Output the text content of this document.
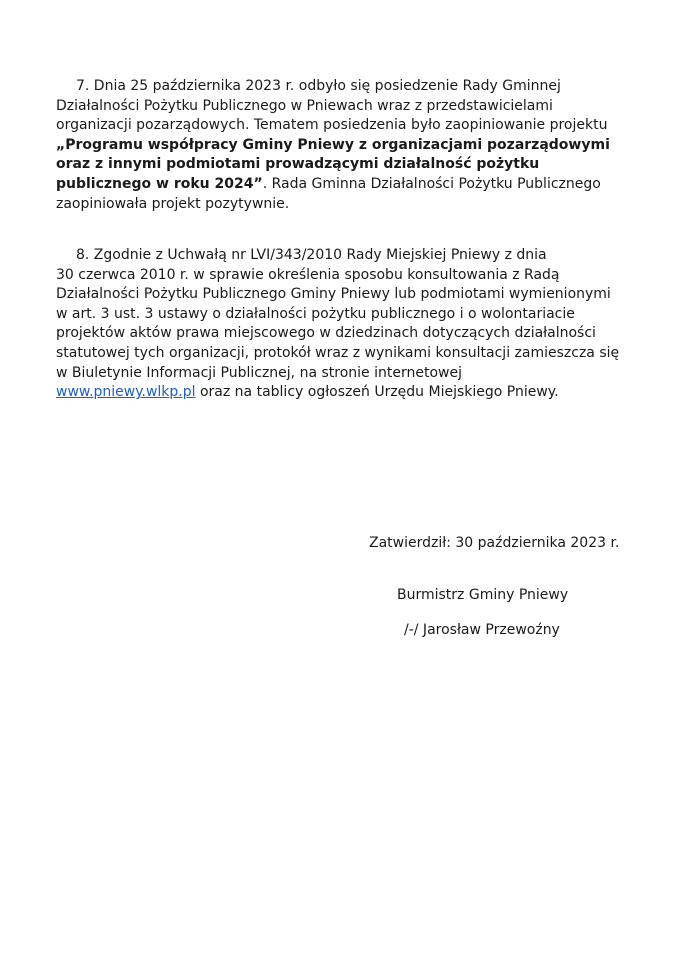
7. Dnia 25 października 2023 r. odbyło się posiedzenie Rady Gminnej
Działalności Pożytku Publicznego w Pniewach wraz z przedstawicielami
organizacji pozarządowych. Tematem posiedzenia było zaopiniowanie projektu
„Programu współpracy Gminy Pniewy z organizacjami pozarządowymi
oraz z innymi podmiotami prowadzącymi działalność pożytku
publicznego w roku 2024”. Rada Gminna Działalności Pożytku Publicznego
zaopiniowała projekt pozytywnie.
8. Zgodnie z Uchwałą nr LVI/343/2010 Rady Miejskiej Pniewy z dnia
30 czerwca 2010 r. w sprawie określenia sposobu konsultowania z Radą
Działalności Pożytku Publicznego Gminy Pniewy lub podmiotami wymienionymi
w art. 3 ust. 3 ustawy o działalności pożytku publicznego i o wolontariacie
projektów aktów prawa miejscowego w dziedzinach dotyczących działalności
statutowej tych organizacji, protokół wraz z wynikami konsultacji zamieszcza się
w Biuletynie Informacji Publicznej, na stronie internetowej
www.pniewy.wlkp.pl oraz na tablicy ogłoszeń Urzędu Miejskiego Pniewy.
Zatwierdził: 30 października 2023 r.
Burmistrz Gminy Pniewy
/-/ Jarosław Przewoźny
